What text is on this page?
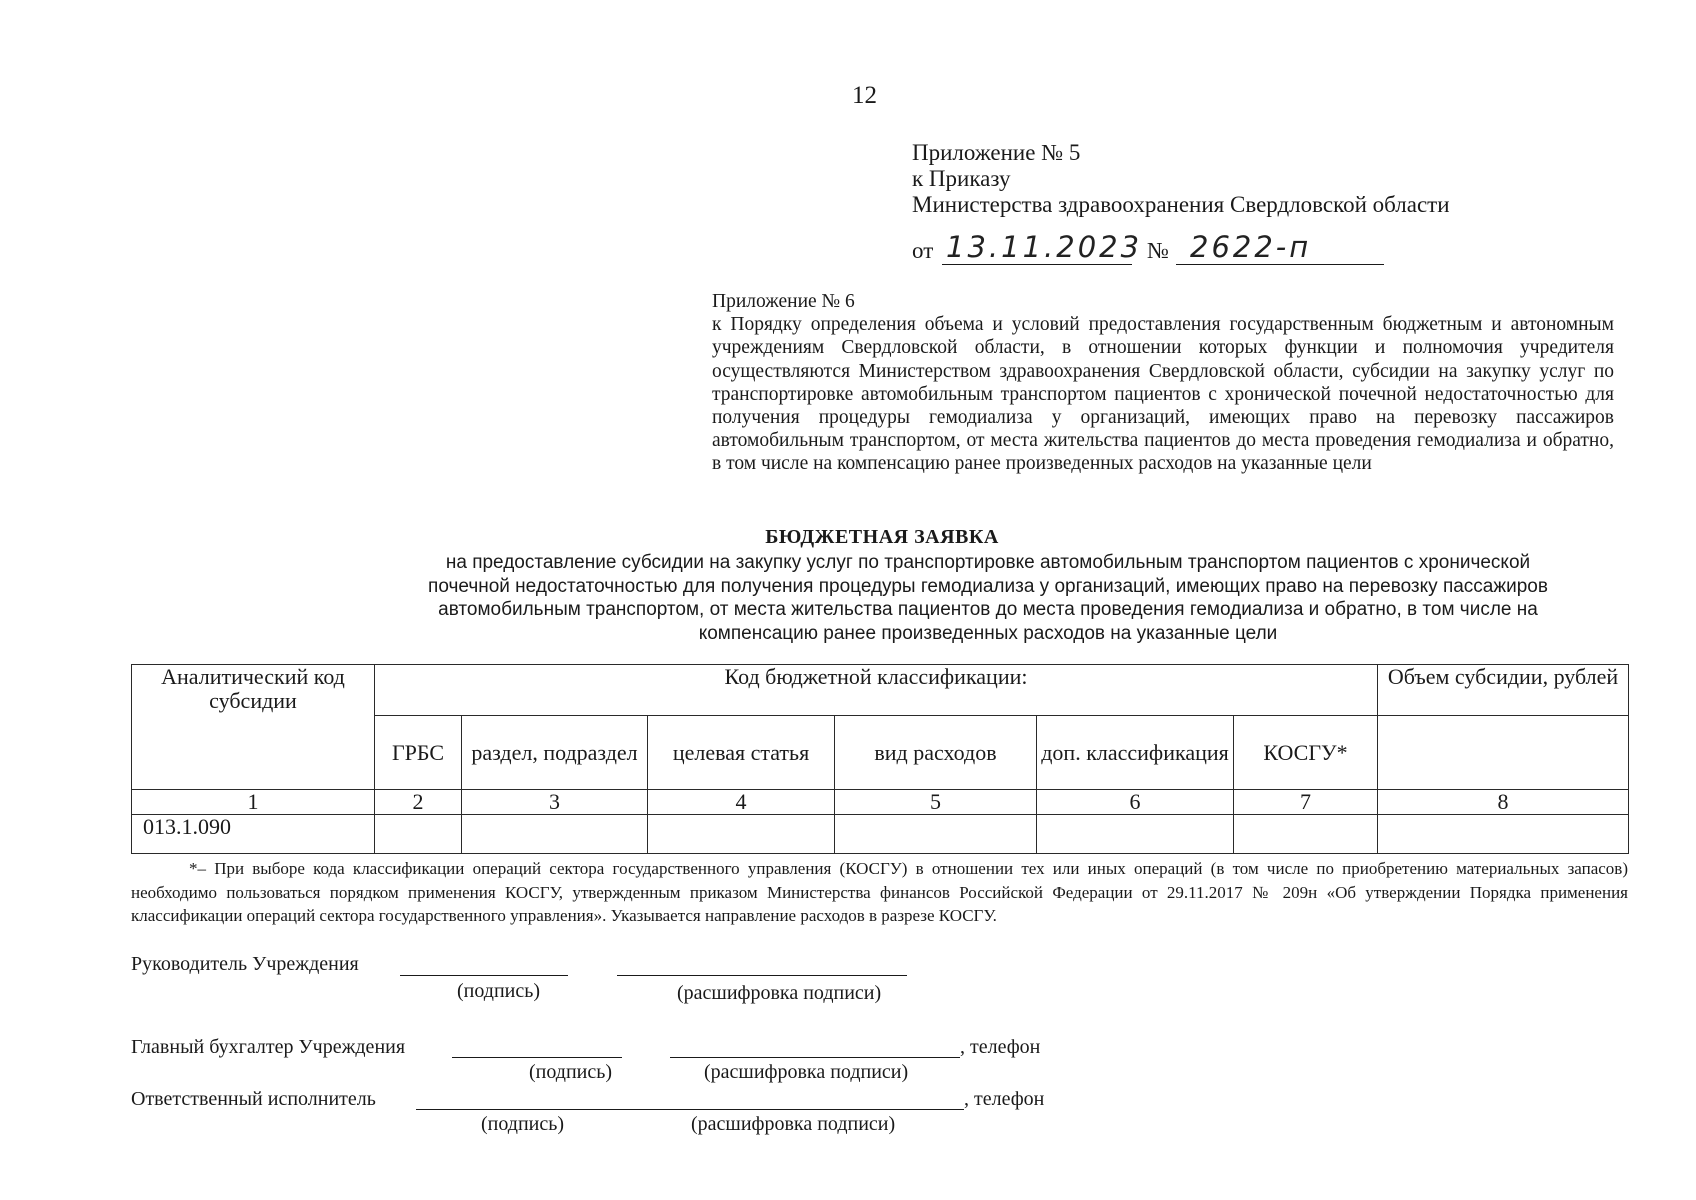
12
Приложение № 5
к Приказу
Министерства здравоохранения Свердловской области
от 13.11.2023 № 2622-п
Приложение № 6
к Порядку определения объема и условий предоставления государственным бюджетным и автономным учреждениям Свердловской области, в отношении которых функции и полномочия учредителя осуществляются Министерством здравоохранения Свердловской области, субсидии на закупку услуг по транспортировке автомобильным транспортом пациентов с хронической почечной недостаточностью для получения процедуры гемодиализа у организаций, имеющих право на перевозку пассажиров автомобильным транспортом, от места жительства пациентов до места проведения гемодиализа и обратно, в том числе на компенсацию ранее произведенных расходов на указанные цели
БЮДЖЕТНАЯ ЗАЯВКА
на предоставление субсидии на закупку услуг по транспортировке автомобильным транспортом пациентов с хронической
почечной недостаточностью для получения процедуры гемодиализа у организаций, имеющих право на перевозку пассажиров
автомобильным транспортом, от места жительства пациентов до места проведения гемодиализа и обратно, в том числе на
компенсацию ранее произведенных расходов на указанные цели
Аналитический код субсидии	Код бюджетной классификации:						Объем субсидии, рублей
	ГРБС	раздел, подраздел	целевая статья	вид расходов	доп. классификация	КОСГУ*	
1	2	3	4	5	6	7	8
013.1.090							
*– При выборе кода классификации операций сектора государственного управления (КОСГУ) в отношении тех или иных операций (в том числе по приобретению материальных запасов) необходимо пользоваться порядком применения КОСГУ, утвержденным приказом Министерства финансов Российской Федерации от 29.11.2017 № 209н «Об утверждении Порядка применения классификации операций сектора государственного управления». Указывается направление расходов в разрезе КОСГУ.
Руководитель Учреждения
(подпись)	(расшифровка подписи)
Главный бухгалтер Учреждения	, телефон
(подпись)	(расшифровка подписи)
Ответственный исполнитель	, телефон
(подпись)	(расшифровка подписи)
